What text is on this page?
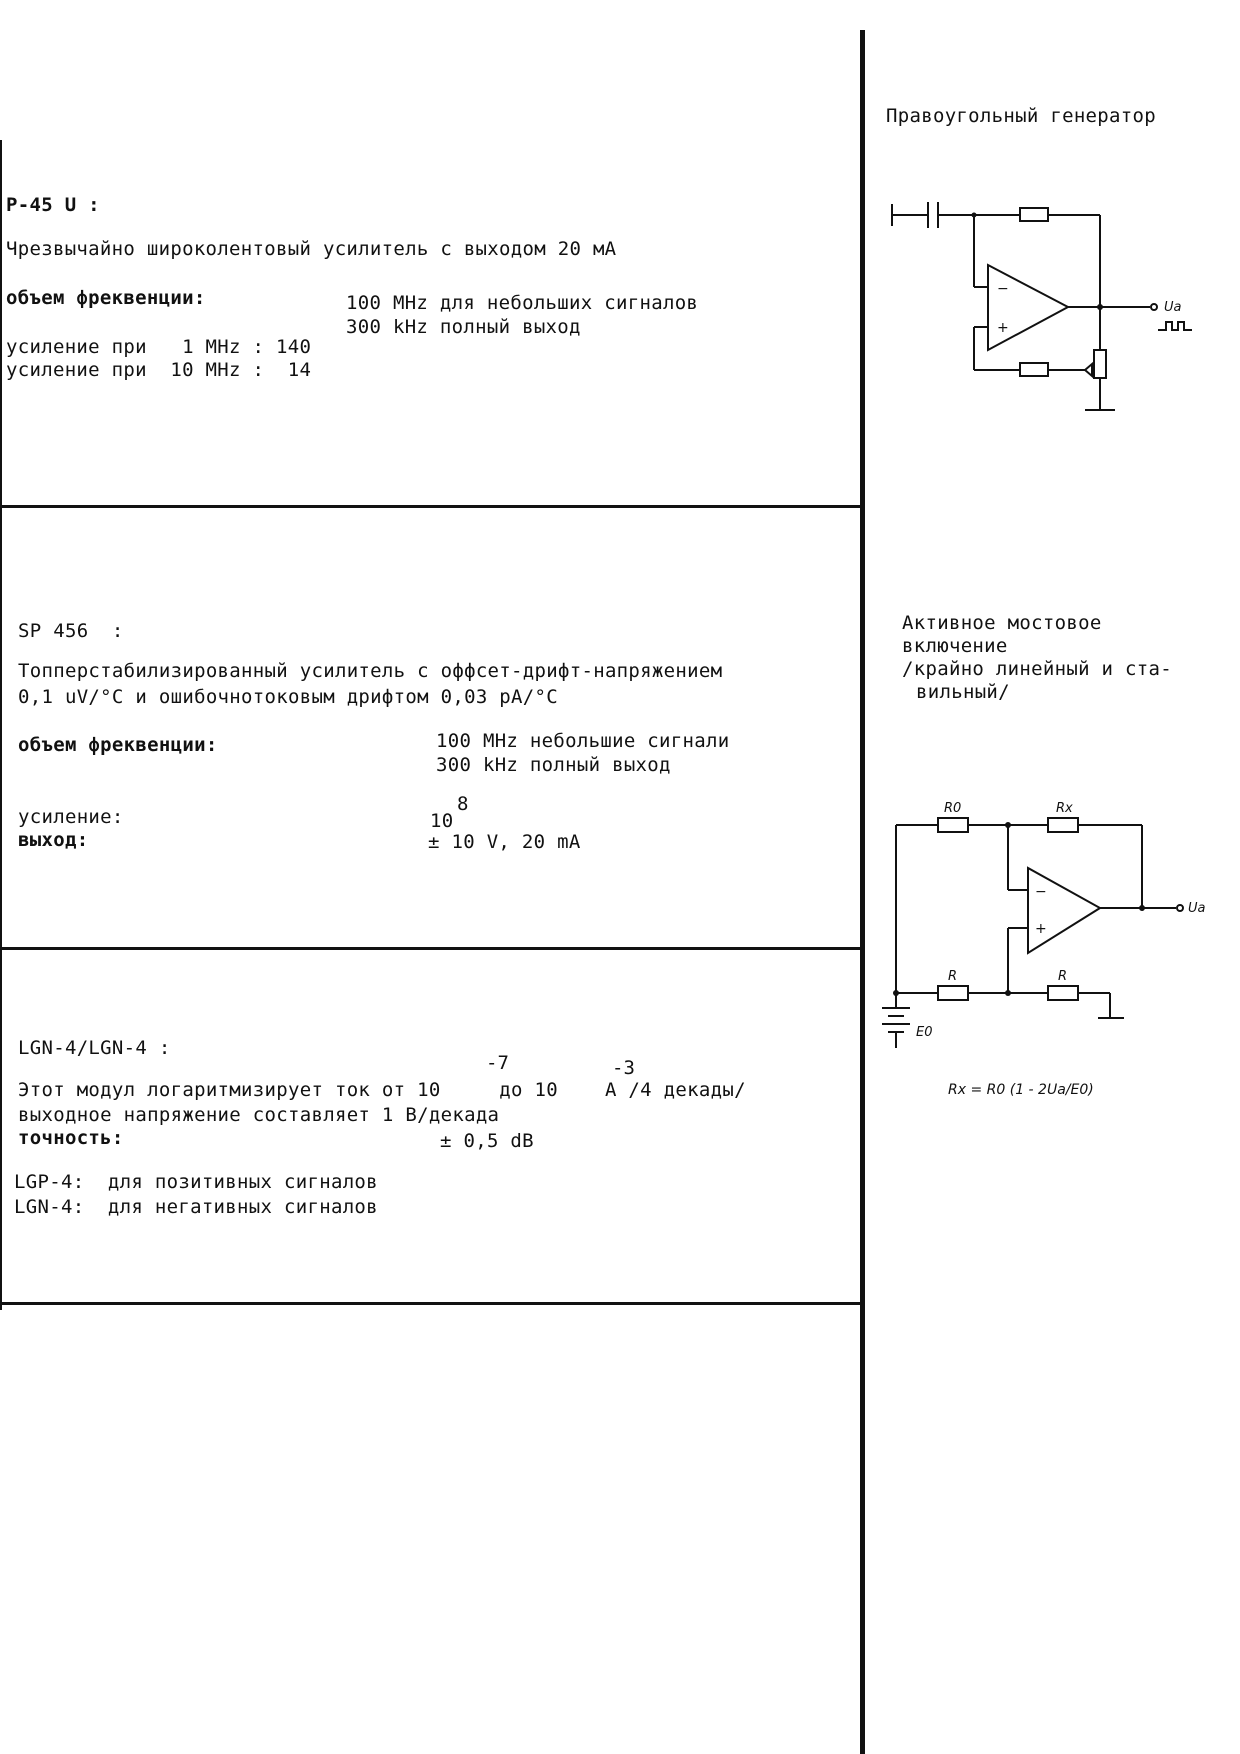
P-45 U :
Чрезвычайно широколентовый усилитель с выходом 20 мА
объем фреквенции:	100 MHz для небольших сигналов
300 kHz полный выход
усиление при   1 MHz : 140
усиление при  10 MHz :  14
SP 456  :
Топперстабилизированный усилитель с оффсет-дрифт-напряжением
0,1 uV/°C и ошибочнотоковым дрифтом 0,03 pA/°C
объем фреквенции:	100 MHz небольшие сигнали
300 kHz полный выход
усиление:	10
8
выход:	± 10 V, 20 mA
LGN-4/LGN-4 :
-7	-3
Этот модул логаритмизирует ток от 10     до 10    A /4 декады/
выходное напряжение составляет 1 В/декада
точность:	± 0,5 dB
LGP-4:  для позитивных сигналов
LGN-4:  для негативных сигналов
Правоугольный генератор
−
+
Ua
Активное мостовое
включение
/крайно линейный и ста-
вильный/
−
+
R0	Rx
R	R
E0
Ua
Rx = R0 (1 - 2Ua/E0)
